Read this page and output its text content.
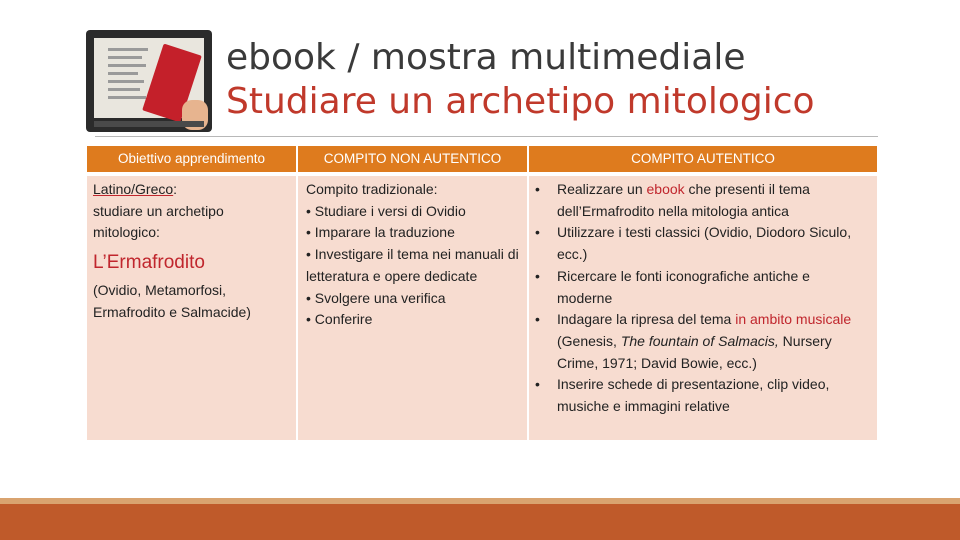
ebook / mostra multimediale
Studiare un archetipo mitologico
Obiettivo apprendimento	COMPITO NON AUTENTICO	COMPITO AUTENTICO
Latino/Greco:
studiare un archetipo mitologico:
L’Ermafrodito
(Ovidio, Metamorfosi, Ermafrodito e Salmacide)
Compito tradizionale:
• Studiare i versi di Ovidio
• Imparare la traduzione
• Investigare il tema nei manuali di letteratura e opere dedicate
• Svolgere una verifica
• Conferire
• Realizzare un ebook che presenti il tema dell’Ermafrodito nella mitologia antica
• Utilizzare i testi classici (Ovidio, Diodoro Siculo, ecc.)
• Ricercare le fonti iconografiche antiche e moderne
• Indagare la ripresa del tema in ambito musicale (Genesis, The fountain of Salmacis, Nursery Crime, 1971; David Bowie, ecc.)
• Inserire schede di presentazione, clip video, musiche e immagini relative
